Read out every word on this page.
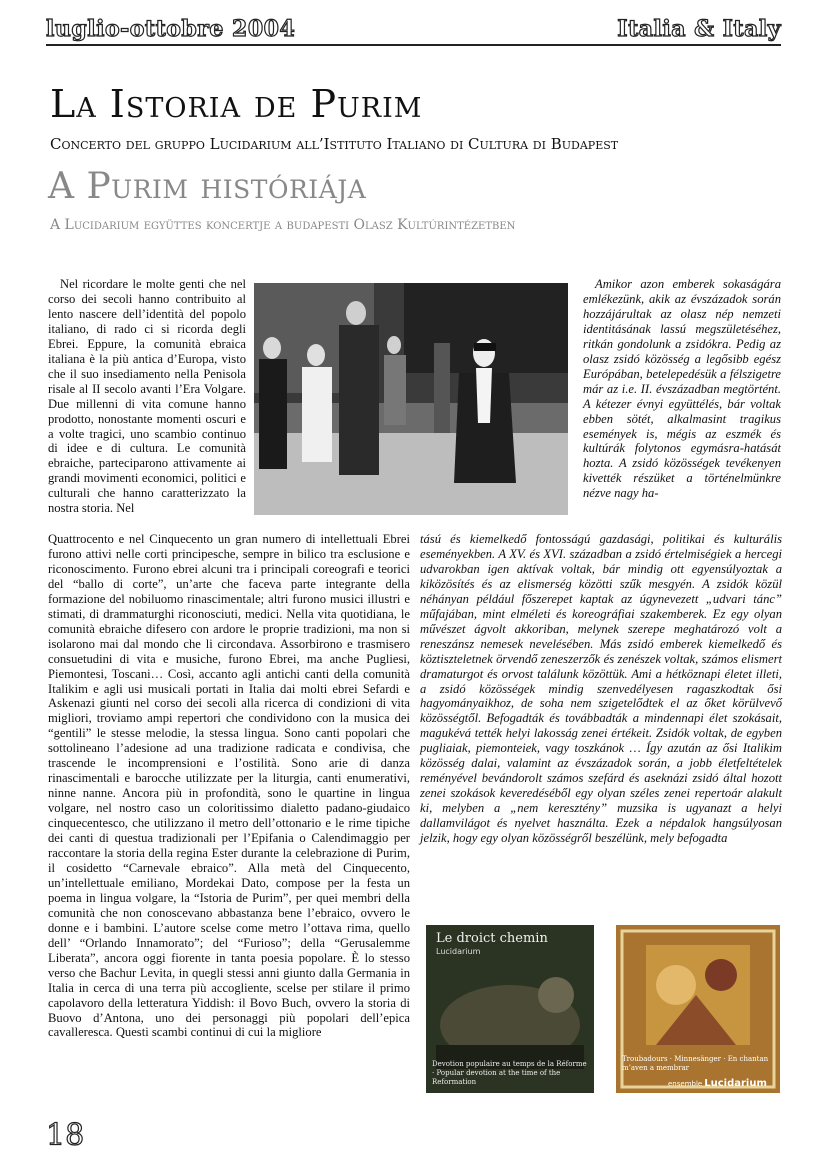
luglio-ottobre 2004	Italia & Italy
La Istoria de Purim
Concerto del gruppo Lucidarium all’Istituto Italiano di Cultura di Budapest
A Purim históriája
A Lucidarium együttes koncertje a budapesti Olasz Kultúrintézetben

Nel ricordare le molte genti che nel corso dei secoli hanno contribuito al lento nascere dell’identità del popolo italiano, di rado ci si ricorda degli Ebrei. Eppure, la comunità ebraica italiana è la più antica d’Europa, visto che il suo insediamento nella Penisola risale al II secolo avanti l’Era Volgare. Due millenni di vita comune hanno prodotto, nonostante momenti oscuri e a volte tragici, uno scambio continuo di idee e di cultura. Le comunità ebraiche, parteciparono attivamente ai grandi movimenti economici, politici e culturali che hanno caratterizzato la nostra storia. Nel

Amikor azon emberek sokaságára emlékezünk, akik az évszázadok során hozzájárultak az olasz nép nemzeti identitásának lassú megszületéséhez, ritkán gondolunk a zsidókra. Pedig az olasz zsidó közösség a legősibb egész Európában, betelepedésük a félszigetre már az i.e. II. évszázadban megtörtént. A kétezer évnyi együttélés, bár voltak ebben sötét, alkalmasint tragikus események is, mégis az eszmék és kultúrák folytonos egymásra-hatását hozta. A zsidó közösségek tevékenyen kivették részüket a történelmünkre nézve nagy ha-

Quattrocento e nel Cinquecento un gran numero di intellettuali Ebrei furono attivi nelle corti principesche, sempre in bilico tra esclusione e riconoscimento. Furono ebrei alcuni tra i principali coreografi e teorici del “ballo di corte”, un’arte che faceva parte integrante della formazione del nobiluomo rinascimentale; altri furono musici illustri e stimati, di drammaturghi riconosciuti, medici. Nella vita quotidiana, le comunità ebraiche difesero con ardore le proprie tradizioni, ma non si isolarono mai dal mondo che li circondava. Assorbirono e trasmisero consuetudini di vita e musiche, furono Ebrei, ma anche Pugliesi, Piemontesi, Toscani… Così, accanto agli antichi canti della comunità Italikim e agli usi musicali portati in Italia dai molti ebrei Sefardi e Askenazi giunti nel corso dei secoli alla ricerca di condizioni di vita migliori, troviamo ampi repertori che condividono con la musica dei “gentili” le stesse melodie, la stessa lingua. Sono canti popolari che sottolineano l’adesione ad una tradizione radicata e condivisa, che trascende le incomprensioni e l’ostilità. Sono arie di danza rinascimentali e barocche utilizzate per la liturgia, canti enumerativi, ninne nanne. Ancora più in profondità, sono le quartine in lingua volgare, nel nostro caso un coloritissimo dialetto padano-giudaico cinquecentesco, che utilizzano il metro dell’ottonario e le rime tipiche dei canti di questua tradizionali per l’Epifania o Calendimaggio per raccontare la storia della regina Ester durante la celebrazione di Purim, il cosidetto “Carnevale ebraico”. Alla metà del Cinquecento, un’intellettuale emiliano, Mordekai Dato, compose per la festa un poema in lingua volgare, la “Istoria de Purim”, per quei membri della comunità che non conoscevano abbastanza bene l’ebraico, ovvero le donne e i bambini. L’autore scelse come metro l’ottava rima, quello dell’ “Orlando Innamorato”; del “Furioso”; della “Gerusalemme Liberata”, ancora oggi fiorente in tanta poesia popolare. È lo stesso verso che Bachur Levita, in quegli stessi anni giunto dalla Germania in Italia in cerca di una terra più accogliente, scelse per stilare il primo capolavoro della letteratura Yiddish: il Bovo Buch, ovvero la storia di Buovo d’Antona, uno dei personaggi più popolari dell’epica cavalleresca. Questi scambi continui di cui la migliore

tású és kiemelkedő fontosságú gazdasági, politikai és kulturális eseményekben. A XV. és XVI. században a zsidó értelmiségiek a hercegi udvarokban igen aktívak voltak, bár mindig ott egyensúlyoztak a kiközösítés és az elismerség közötti szűk mesgyén. A zsidók közül néhányan például főszerepet kaptak az úgynevezett „udvari tánc” műfajában, mint elméleti és koreográfiai szakemberek. Ez egy olyan művészet ágvolt akkoriban, melynek szerepe meghatározó volt a reneszánsz nemesek nevelésében. Más zsidó emberek kiemelkedő és köztiszteletnek örvendő zeneszerzők és zenészek voltak, számos elismert dramaturgot és orvost találunk közöttük. Ami a hétköznapi életet illeti, a zsidó közösségek mindig szenvedélyesen ragaszkodtak ősi hagyományaikhoz, de soha nem szigetelődtek el az őket körülvevő közösségtől. Befogadták és továbbadták a mindennapi élet szokásait, magukévá tették helyi lakosság zenei értékeit. Zsidók voltak, de egyben pugliaiak, piemonteiek, vagy toszkánok … Így azután az ősi Italikim közösség dalai, valamint az évszázadok során, a jobb életfeltételek reményével bevándorolt számos szefárd és aseknázi zsidó által hozott zenei szokások keveredéséből egy olyan széles zenei repertoár alakult ki, melyben a „nem keresztény” muzsika is ugyanazt a helyi dallamvilágot és nyelvet használta. Ezek a népdalok hangsúlyosan jelzik, hogy egy olyan közösségről beszélünk, mely befogadta

Le droict chemin
Lucidarium
Devotion populaire au temps de la Réforme · Popular devotion at the time of the Reformation
Troubadours · Minnesänger · En chantan m’aven a membrar
ensemble Lucidarium
18
